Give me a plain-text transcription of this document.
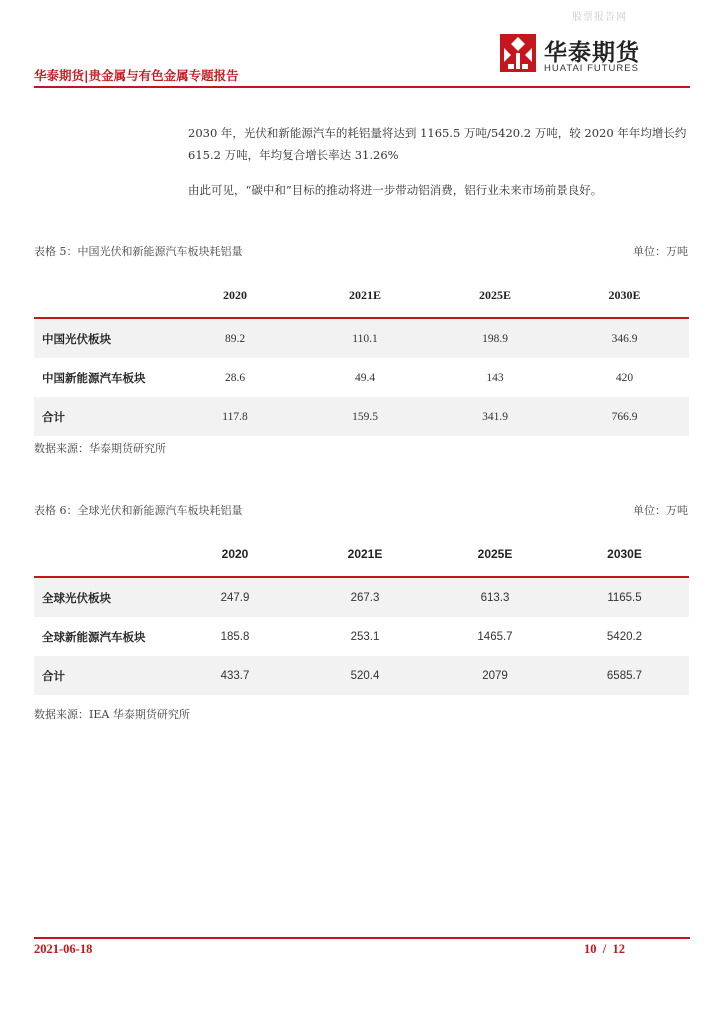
股票报告网
华泰期货
HUATAI FUTURES
华泰期货|贵金属与有色金属专题报告

2030 年，光伏和新能源汽车的耗铝量将达到 1165.5 万吨/5420.2 万吨，较 2020 年年均增长约 615.2 万吨，年均复合增长率达 31.26%

由此可见，“碳中和”目标的推动将进一步带动铝消费，铝行业未来市场前景良好。

表格 5：中国光伏和新能源汽车板块耗铝量	单位：万吨
	2020	2021E	2025E	2030E
中国光伏板块	89.2	110.1	198.9	346.9
中国新能源汽车板块	28.6	49.4	143	420
合计	117.8	159.5	341.9	766.9
数据来源：华泰期货研究所
表格 6：全球光伏和新能源汽车板块耗铝量	单位：万吨
	2020	2021E	2025E	2030E
全球光伏板块	247.9	267.3	613.3	1165.5
全球新能源汽车板块	185.8	253.1	1465.7	5420.2
合计	433.7	520.4	2079	6585.7
数据来源：IEA 华泰期货研究所
2021-06-18	10  /  12
